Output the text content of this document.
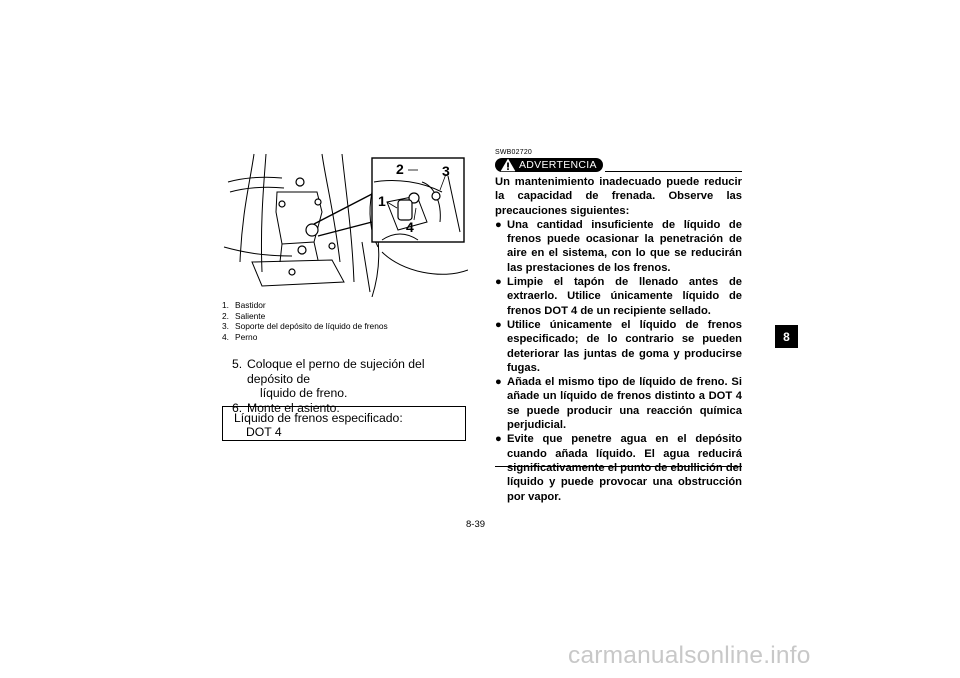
1
2	3
4
1. Bastidor
2. Saliente
3. Soporte del depósito de líquido de frenos
4. Perno
5. Coloque el perno de sujeción del depósito de
líquido de freno.
6. Monte el asiento.
Líquido de frenos especificado:
DOT 4
SWB02720
ADVERTENCIA
Un mantenimiento inadecuado puede reducir la capacidad de frenada. Observe las precauciones siguientes:
● Una cantidad insuficiente de líquido de frenos puede ocasionar la penetración de aire en el sistema, con lo que se reducirán las prestaciones de los frenos.
● Limpie el tapón de llenado antes de extraerlo. Utilice únicamente líquido de frenos DOT 4 de un recipiente sellado.
● Utilice únicamente el líquido de frenos especificado; de lo contrario se pueden deteriorar las juntas de goma y producirse fugas.
● Añada el mismo tipo de líquido de freno. Si añade un líquido de frenos distinto a DOT 4 se puede producir una reacción química perjudicial.
● Evite que penetre agua en el depósito cuando añada líquido. El agua reducirá significativamente el punto de ebullición del líquido y puede provocar una obstrucción por vapor.
8-39
8
carmanualsonline.info
